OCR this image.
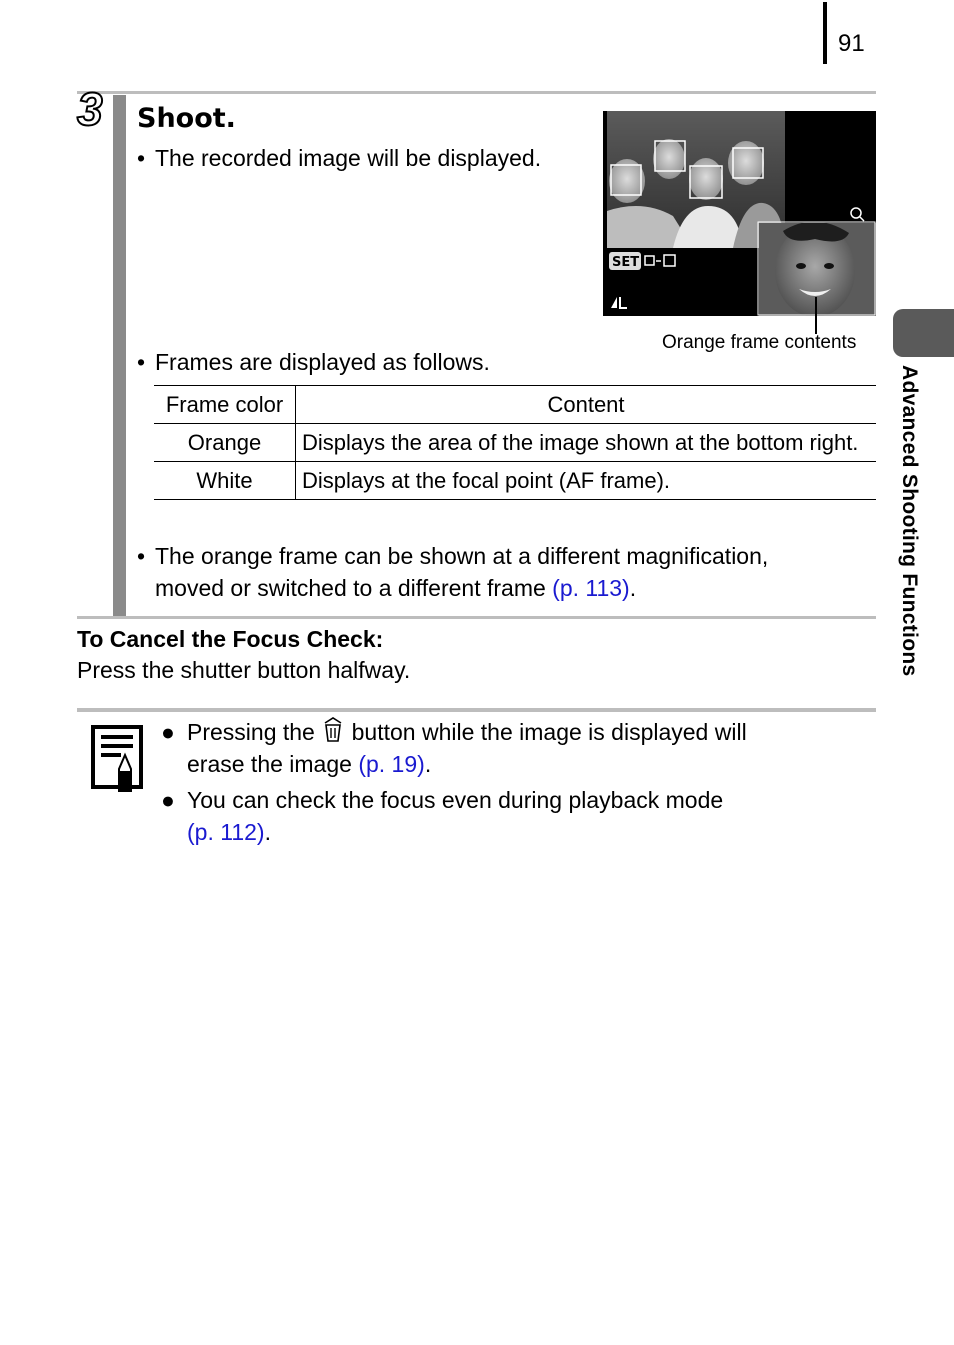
91
Advanced Shooting Functions
3 Shoot.
• The recorded image will be displayed.
SET
Orange frame contents
• Frames are displayed as follows.
Frame color	Content
Orange	Displays the area of the image shown at the bottom right.
White	Displays at the focal point (AF frame).
• The orange frame can be shown at a different magnification,
moved or switched to a different frame (p. 113).
To Cancel the Focus Check:
Press the shutter button halfway.
● Pressing the  button while the image is displayed will
erase the image (p. 19).
● You can check the focus even during playback mode
(p. 112).
